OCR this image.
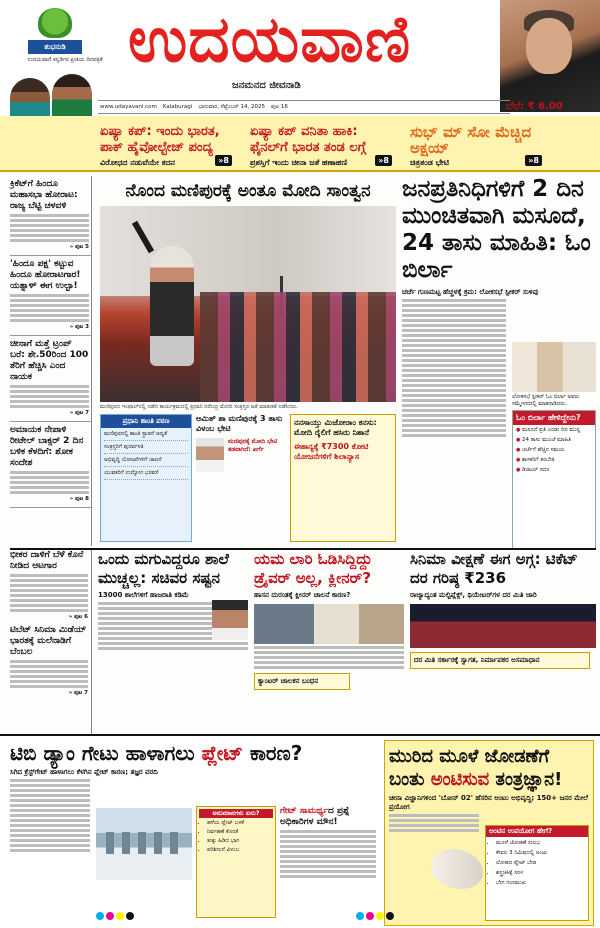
ಶುಭನುಡಿ
ಉದಯವಾಣಿ ಕನ್ನಡಿಗರ ಪ್ರೀತಿಯ ದಿನಪತ್ರಿಕೆ ಉದಯವಾಣಿ
ಜನಮನದ ಜೀವನಾಡಿ
www.udayavani.com Kalaburagi ಭಾನುವಾರ, ಸೆಪ್ಟೆಂಬರ್ 14, 2025 ಪುಟ 16	ಬೆಲೆ: ₹ 6.00
ಏಷ್ಯಾ ಕಪ್: ಇಂದು ಭಾರತ, ಪಾಕ್ ಹೈವೋಲ್ಟೇಜ್ ಪಂದ್ಯ
ವಿರೋಧದ ನಡುವೆಯೇ ಕದನ	»8
ಏಷ್ಯಾ ಕಪ್ ವನಿತಾ ಹಾಕಿ: ಫೈನಲ್‌ಗೆ ಭಾರತ ತಂಡ ಲಗ್ಗೆ
ಪ್ರಶಸ್ತಿಗೆ ಇಂದು ಚೀನಾ ಜತೆ ಹಣಾಹಣಿ	»8
ಸುಭ್ ಮ್ ಸೋ ಮೆಚ್ಚಿದ ಅಕ್ಷಯ್
ಚಿತ್ರತಂಡ ಭೇಟಿ	»8
ಕ್ರಿಕೆಟ್‌ಗೆ ಹಿಂದೂ ಮಹಾಸಭಾ ಹೋರಾಟ: ರಾಜ್ಯ ಬೆಟ್ಟಿ ಚಳವಳಿ
» ಪುಟ 5
'ಹಿಂದೂ ಪಕ್ಷ' ಕಟ್ಟುವ ಹಿಂದೂ ಹೋರಾಟಗಾರ! ಯತ್ನಾಳ್ ಈಗ ಉಲ್ಟಾ!
» ಪುಟ 3
ಚೀನಾಗೆ ಮತ್ತೆ ಟ್ರಂಪ್ ಬರೆ: ಶೇ.50ರಿಂದ 100 ತೆರಿಗೆ ಹೆಚ್ಚಿಸಿ ಎಂದ ನಾಯಕ
» ಪುಟ 7
ಅಮಾಯಕ ನೇಪಾಳಿ ರೀಟೇಲ್ ಬಾಕ್ಸರ್ 2 ದಿನ ಬಳಿಕ ಕೆಳದಿಗೆ: ಶೋಕ ಸಂದೇಶ
» ಪುಟ 8
ನೊಂದ ಮಣಿಪುರಕ್ಕೆ ಅಂತೂ ಮೋದಿ ಸಾಂತ್ವನ
ಮಣಿಪುರದ ಇಂಫಾಲ್‌ನಲ್ಲಿ ನಡೆದ ಕಾರ್ಯಕ್ರಮದಲ್ಲಿ ಪ್ರಧಾನಿ ನರೇಂದ್ರ ಮೋದಿ ಸಂತ್ರಸ್ತರ ಜತೆ ಮಾತುಕತೆ ನಡೆಸಿದರು.
ಜನಪ್ರತಿನಿಧಿಗಳಿಗೆ 2 ದಿನ ಮುಂಚಿತವಾಗಿ ಮಸೂದೆ, 24 ತಾಸು ಮಾಹಿತಿ: ಓಂ ಬಿರ್ಲಾ
ಚರ್ಚೆ ಗುಣಮಟ್ಟ ಹೆಚ್ಚಳಕ್ಕೆ ಕ್ರಮ: ಲೋಕಸಭೆ ಸ್ಪೀಕರ್ ಸುಳಿವು
ಲೋಕಸಭೆ ಸ್ಪೀಕರ್ ಓಂ ಬಿರ್ಲಾ ಅವರು ಸಮ್ಮೇಳನದಲ್ಲಿ ಮಾತನಾಡಿದರು.
ಓಂ ಬಿರ್ಲಾ ಹೇಳಿದ್ದೇನು?
● ಮಸೂದೆ ಪ್ರತಿ ಎರಡು ದಿನ ಮುನ್ನ
● 24 ತಾಸು ಮುಂಚೆ ಮಾಹಿತಿ
● ಚರ್ಚೆಗೆ ಹೆಚ್ಚಿನ ಸಮಯ
● ಶಾಸಕರಿಗೆ ತರಬೇತಿ
● ಡಿಜಿಟಲ್ ಸದನ
ಪ್ರಧಾನಿ ಶಾಂತಿ ಪಠಣ
ಮಣಿಪುರದಲ್ಲಿ ಶಾಂತಿ ಸ್ಥಾಪನೆ ಆದ್ಯತೆ
ಸಂತ್ರಸ್ತರಿಗೆ ಪುನರ್ವಸತಿ
ಅಭಿವೃದ್ಧಿ ಯೋಜನೆಗಳಿಗೆ ಚಾಲನೆ
ಯುವಕರಿಗೆ ಉದ್ಯೋಗ ಭರವಸೆ
ಅಮಿತ್ ಶಾ ಮಣಿಪುರಕ್ಕೆ 3 ತಾಸು ವಿಳಂಬ ಭೇಟಿ
ಮಣಿಪುರಕ್ಕೆ ಮೋದಿ ಭೇಟಿ ತಡವಾಗಿದೆ: ಖರ್ಗೆ
ನನಸಾಯ್ತು ಮಿಜೋರಾಂ ಕನಸು: ಮೋದಿ ರೈಲಿಗೆ ಹಸಿರು ನಿಶಾನೆ
ಈಶಾನ್ಯಕ್ಕೆ ₹7300 ಕೋಟಿ ಯೋಜನೆಗಳಿಗೆ ಶಿಲಾನ್ಯಾಸ
ಭೀಕರ ದಾಳಿಗೆ ಬೆಳೆ ಕೊನೆ ನೀಡಿದ ಆಟಗಾರ
» ಪುಟ 6
ಟಿಬೆಟ್ ಸಿನಿಮಾ ಮಿಡೆಯ್ ಭಾರತಕ್ಕೆ ಮಲೆನಾಡಿಗೆ ಬೆಂಬಲ
» ಪುಟ 7
ಒಂದು ಮಗುವಿದ್ದರೂ ಶಾಲೆ ಮುಚ್ಚಲ್ಲ: ಸಚಿವರ ಸಷ್ಟನ
13000 ಶಾಲೆಗಳಿಗೆ ಹಾಜರಾತಿ ಕಡಿಮೆ
ಯಮ ಲಾರಿ ಓಡಿಸಿದ್ದಿದ್ದು ಡ್ರೈವರ್ ಅಲ್ಲ, ಕ್ಲೀನರ್?
ಹಾಸನ ದುರಂತಕ್ಕೆ ಕ್ಲೀನರ್ ಚಾಲನೆ ಕಾರಣ?
ಕ್ಯಾಂಟರ್ ಚಾಲಕನ ಬಂಧನ
ಸಿನಿಮಾ ವೀಕ್ಷಣೆ ಈಗ ಅಗ್ಗ: ಟಿಕೆಟ್ ದರ ಗರಿಷ್ಠ ₹236
ರಾಜ್ಯಾದ್ಯಂತ ಮಲ್ಟಿಪ್ಲೆಕ್ಸ್, ಥಿಯೇಟರ್‌ಗಳ ದರ ಮಿತಿ ಜಾರಿ
ದರ ಮಿತಿ ಸರ್ಕಾರಕ್ಕೆ ಸ್ವಾಗತ, ನಿರ್ಮಾಪಕರ ಅಸಮಾಧಾನ
ಟಿಬಿ ಡ್ಯಾಂ ಗೇಟು ಹಾಳಾಗಲು ಪ್ಲೇಟ್ ಕಾರಣ?
ಸಿಗಿದ ಕ್ರೆಸ್ಟ್‌ಗೇಟ್ ಹಾಳಾಗಲು ಕೆಳಗಿನ ಪ್ಲೇಟ್ ಕಾರಣ; ತಜ್ಞರ ವರದಿ
ಅನುಮಾನಗಳು ಏನು?
• ಹಳೆಯ ಪ್ಲೇಟ್ ಬಳಕೆ
• ನಿರ್ವಹಣೆ ಕೊರತೆ
• ತುಕ್ಕು ಹಿಡಿದ ಭಾಗ
• ಪರಿಶೀಲನೆ ವಿಳಂಬ
ಗೇಟ್ ಸಾಮರ್ಥ್ಯದ ಪ್ರಶ್ನೆ ಅಧಿಕಾರಿಗಳ ಮೌನ!
ಮುರಿದ ಮೂಳೆ ಜೋಡಣೆಗೆ ಬಂತು ಅಂಟಿಸುವ ತಂತ್ರಜ್ಞಾನ!
ಚೀನಾ ವಿಜ್ಞಾನಿಗಳಿಂದ 'ಬೋನ್ 02' ಹೆಸರಿನ ಅಂಟು ಅಭಿವೃದ್ಧಿ; 150+ ಜನರ ಮೇಲೆ ಪ್ರಯೋಗ
ಅಂಟಿನ ಉಪಯೋಗ ಹೇಗೆ?
• ಮೂಳೆ ಜೋಡಣೆ ಸುಲಭ
• ಕೇವಲ 3 ನಿಮಿಷದಲ್ಲಿ ಅಂಟು
• ಲೋಹದ ಪ್ಲೇಟ್ ಬೇಡ
• ಶಸ್ತ್ರಚಿಕಿತ್ಸೆ ಸರಳ
• ಬೇಗ ಗುಣಮುಖ
